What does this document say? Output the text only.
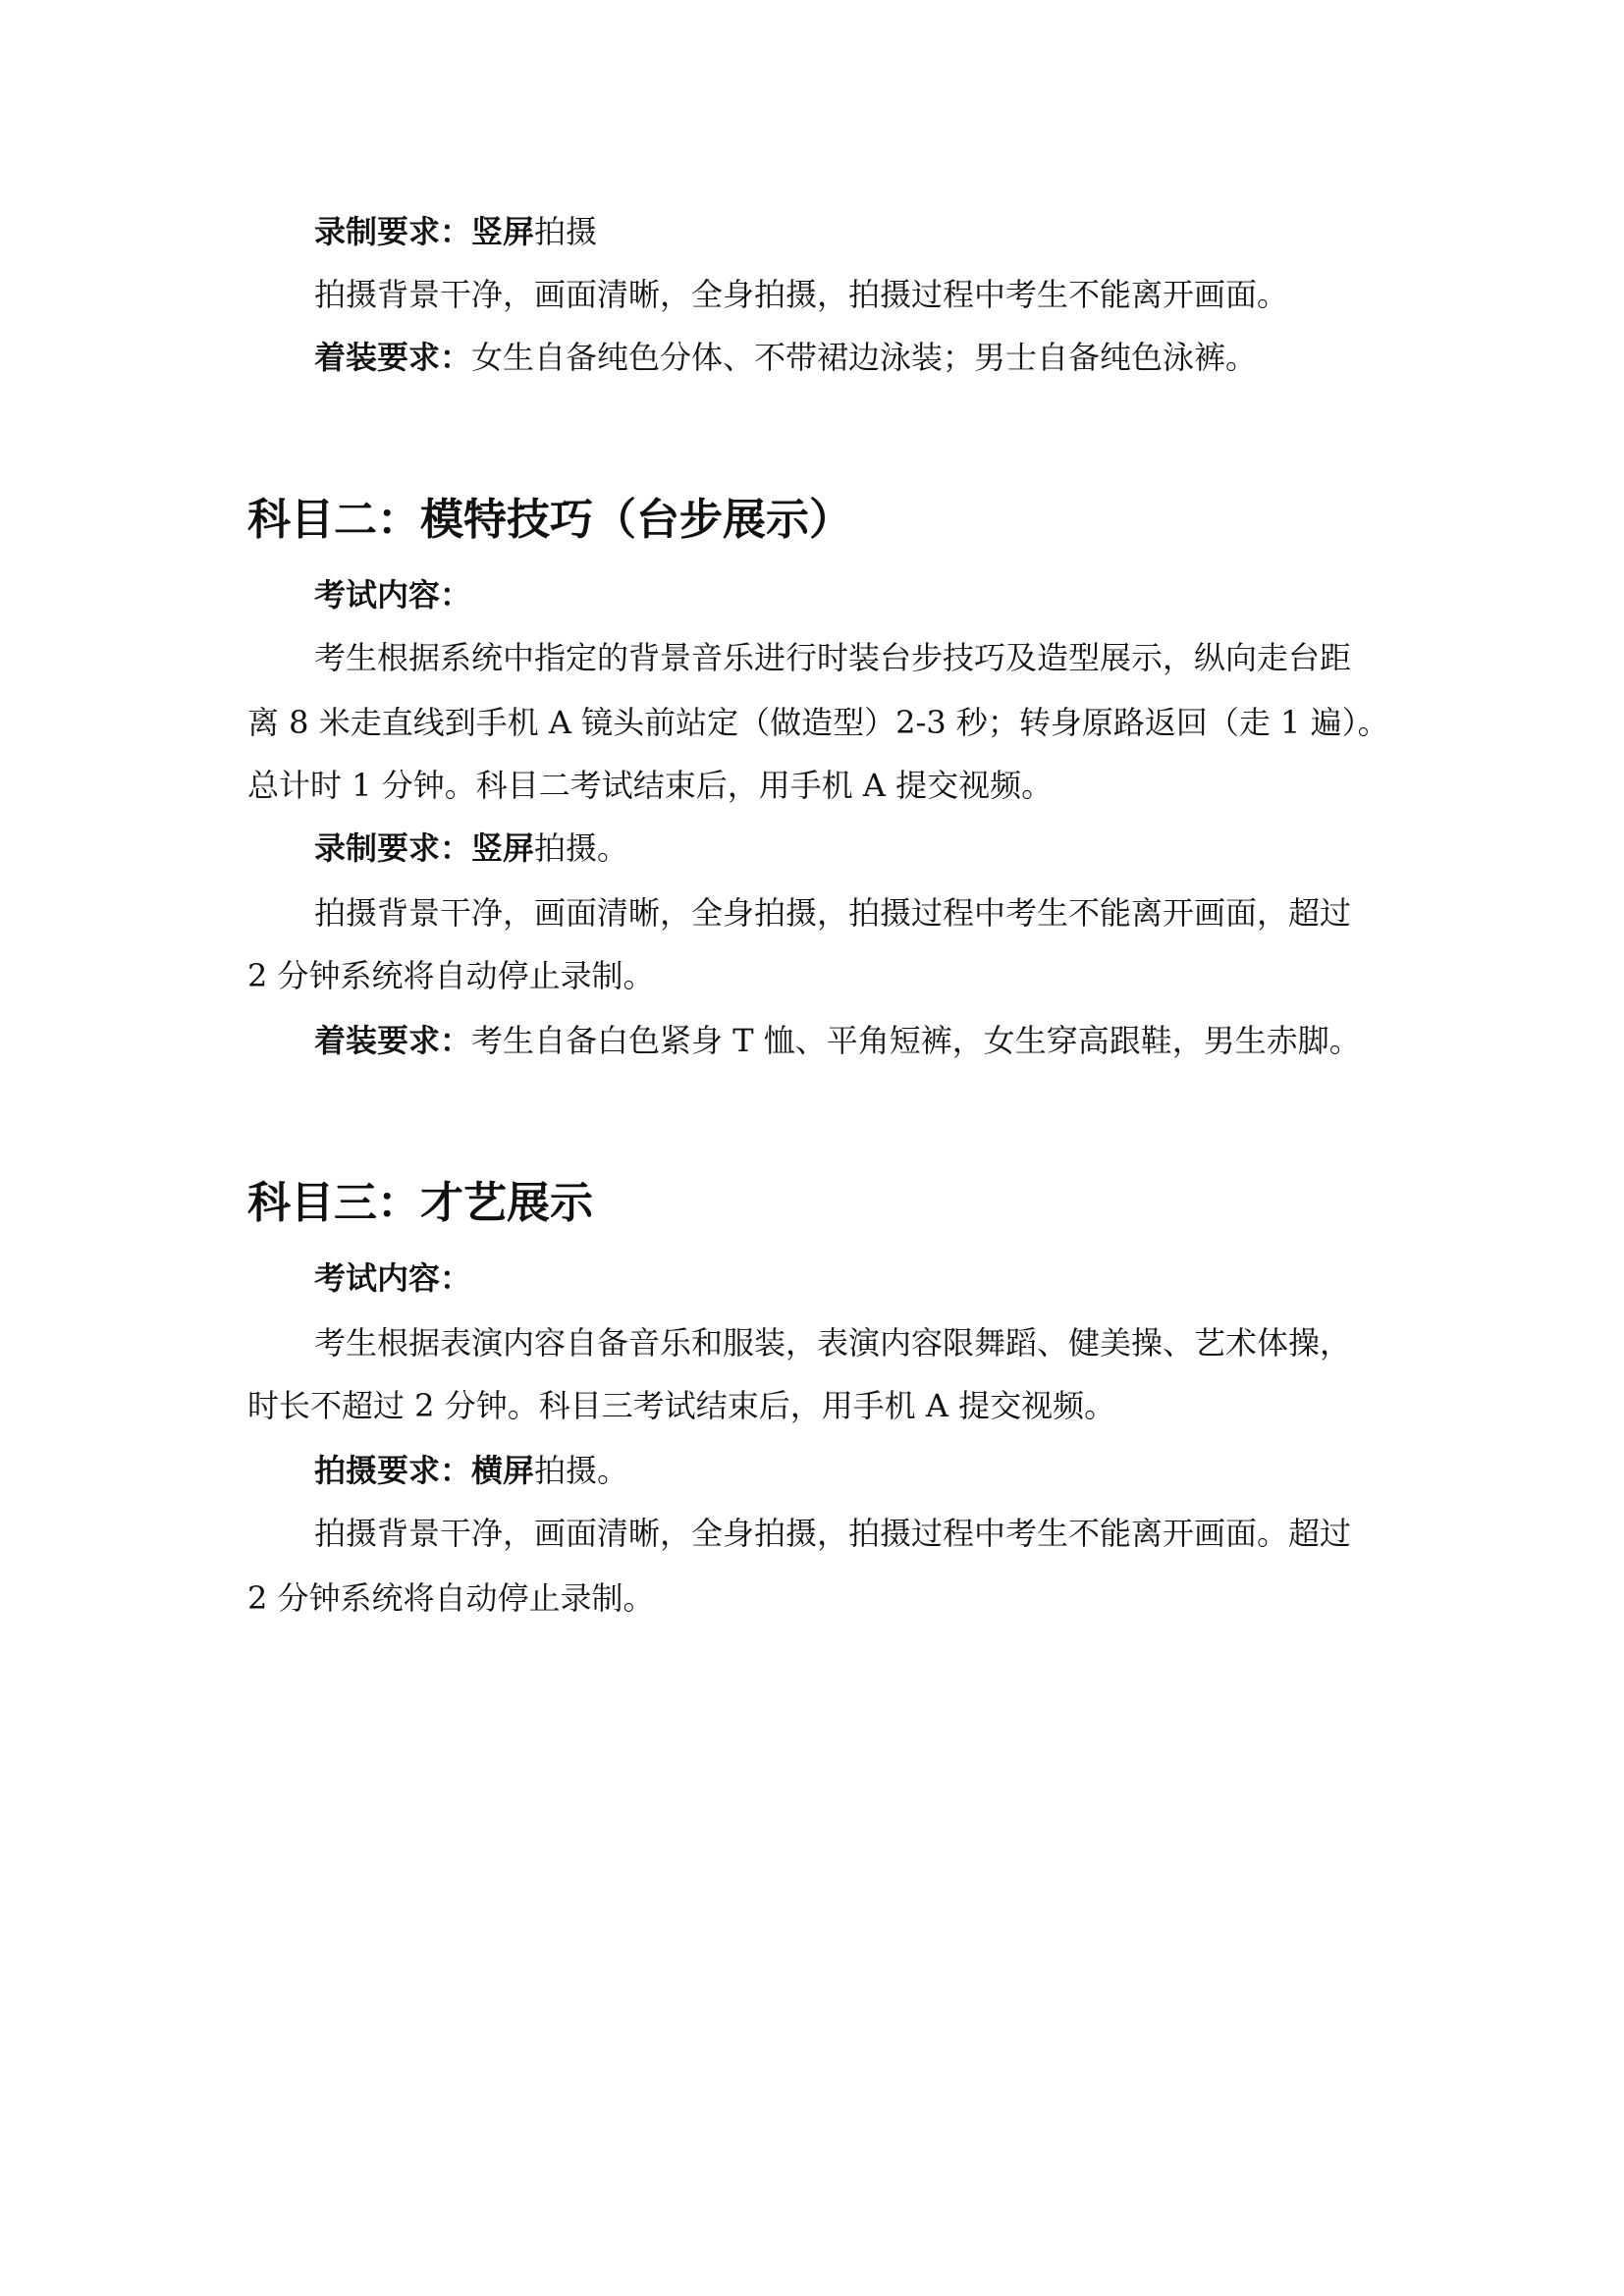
录制要求：竖屏拍摄
拍摄背景干净，画面清晰，全身拍摄，拍摄过程中考生不能离开画面。
着装要求：女生自备纯色分体、不带裙边泳装；男士自备纯色泳裤。
科目二：模特技巧（台步展示）
考试内容：
考生根据系统中指定的背景音乐进行时装台步技巧及造型展示，纵向走台距
离 8 米走直线到手机 A 镜头前站定（做造型）2-3 秒；转身原路返回（走 1 遍）。
总计时 1 分钟。科目二考试结束后，用手机 A 提交视频。
录制要求：竖屏拍摄。
拍摄背景干净，画面清晰，全身拍摄，拍摄过程中考生不能离开画面，超过
2 分钟系统将自动停止录制。
着装要求：考生自备白色紧身 T 恤、平角短裤，女生穿高跟鞋，男生赤脚。
科目三：才艺展示
考试内容：
考生根据表演内容自备音乐和服装，表演内容限舞蹈、健美操、艺术体操，
时长不超过 2 分钟。科目三考试结束后，用手机 A 提交视频。
拍摄要求：横屏拍摄。
拍摄背景干净，画面清晰，全身拍摄，拍摄过程中考生不能离开画面。超过
2 分钟系统将自动停止录制。
